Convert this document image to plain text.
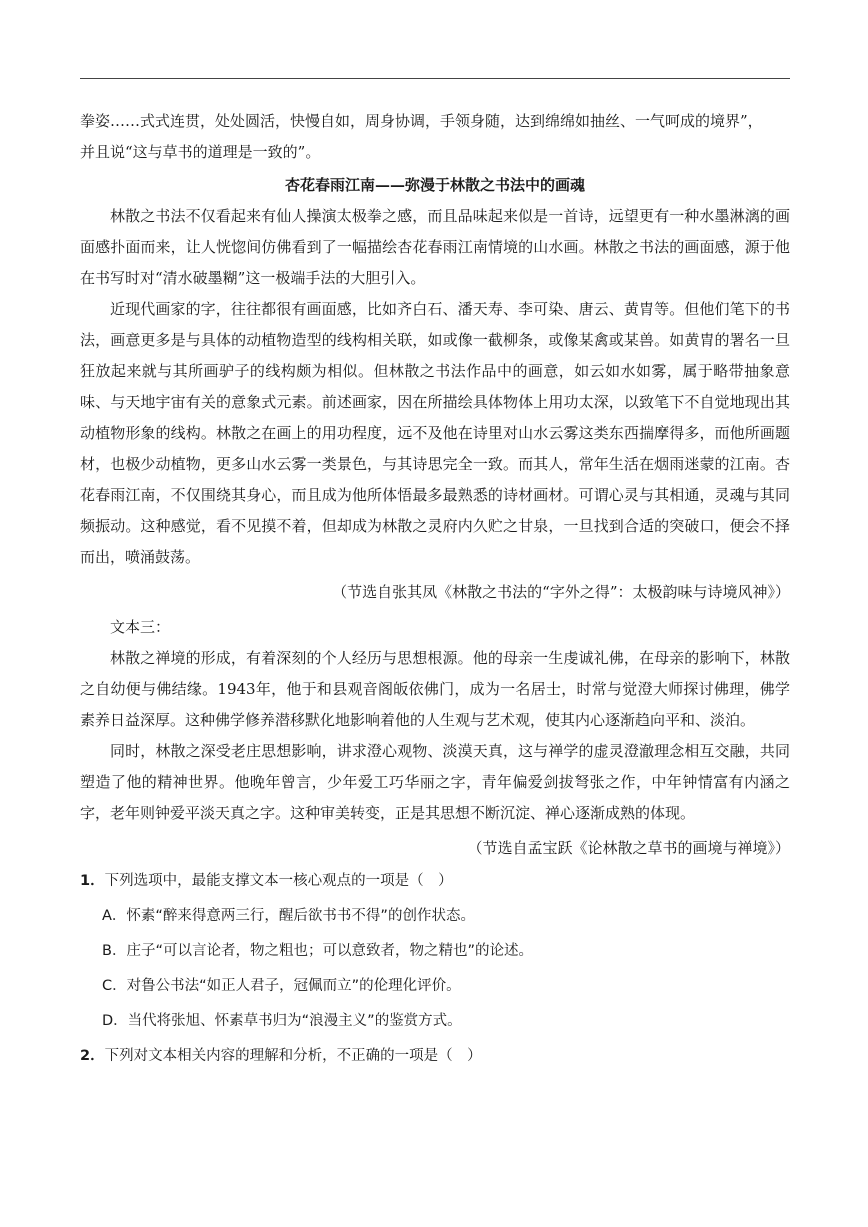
拳姿……式式连贯，处处圆活，快慢自如，周身协调，手领身随，达到绵绵如抽丝、一气呵成的境界”，

并且说“这与草书的道理是一致的”。

杏花春雨江南——弥漫于林散之书法中的画魂

林散之书法不仅看起来有仙人操演太极拳之感，而且品味起来似是一首诗，远望更有一种水墨淋漓的画面感扑面而来，让人恍惚间仿佛看到了一幅描绘杏花春雨江南情境的山水画。林散之书法的画面感，源于他在书写时对“清水破墨糊”这一极端手法的大胆引入。

近现代画家的字，往往都很有画面感，比如齐白石、潘天寿、李可染、唐云、黄胄等。但他们笔下的书法，画意更多是与具体的动植物造型的线构相关联，如或像一截柳条，或像某禽或某兽。如黄胄的署名一旦狂放起来就与其所画驴子的线构颇为相似。但林散之书法作品中的画意，如云如水如雾，属于略带抽象意味、与天地宇宙有关的意象式元素。前述画家，因在所描绘具体物体上用功太深，以致笔下不自觉地现出其动植物形象的线构。林散之在画上的用功程度，远不及他在诗里对山水云雾这类东西揣摩得多，而他所画题材，也极少动植物，更多山水云雾一类景色，与其诗思完全一致。而其人，常年生活在烟雨迷蒙的江南。杏花春雨江南，不仅围绕其身心，而且成为他所体悟最多最熟悉的诗材画材。可谓心灵与其相通，灵魂与其同频振动。这种感觉，看不见摸不着，但却成为林散之灵府内久贮之甘泉，一旦找到合适的突破口，便会不择而出，喷涌鼓荡。

（节选自张其凤《林散之书法的“字外之得”：太极韵味与诗境风神》）

文本三：

林散之禅境的形成，有着深刻的个人经历与思想根源。他的母亲一生虔诚礼佛，在母亲的影响下，林散之自幼便与佛结缘。1943年，他于和县观音阁皈依佛门，成为一名居士，时常与觉澄大师探讨佛理，佛学素养日益深厚。这种佛学修养潜移默化地影响着他的人生观与艺术观，使其内心逐渐趋向平和、淡泊。

同时，林散之深受老庄思想影响，讲求澄心观物、淡漠天真，这与禅学的虚灵澄澈理念相互交融，共同塑造了他的精神世界。他晚年曾言，少年爱工巧华丽之字，青年偏爱剑拔弩张之作，中年钟情富有内涵之字，老年则钟爱平淡天真之字。这种审美转变，正是其思想不断沉淀、禅心逐渐成熟的体现。

（节选自孟宝跃《论林散之草书的画境与禅境》）

1．下列选项中，最能支撑文本一核心观点的一项是（　）

A．怀素“醉来得意两三行，醒后欲书书不得”的创作状态。

B．庄子“可以言论者，物之粗也；可以意致者，物之精也”的论述。

C．对鲁公书法“如正人君子，冠佩而立”的伦理化评价。

D．当代将张旭、怀素草书归为“浪漫主义”的鉴赏方式。

2．下列对文本相关内容的理解和分析，不正确的一项是（　）
